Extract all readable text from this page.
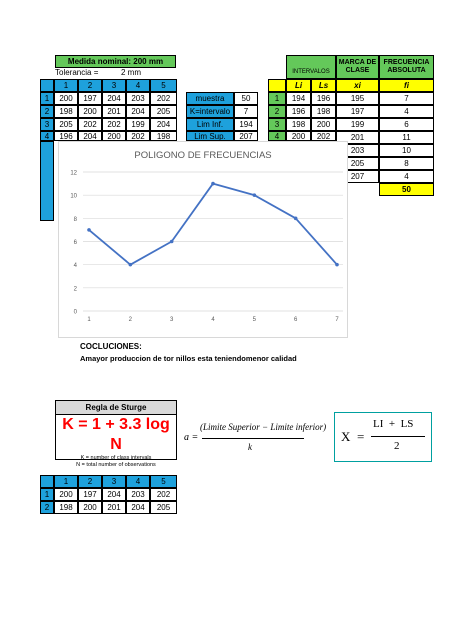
Medida nominal: 200 mm
Tolerancia =	2 mm
1	2	3	4	5
1	200	197	204	203	202
2	198	200	201	204	205
3	205	202	202	199	204
4	196	204	200	202	198
muestra	50
K=intervalo	7
Lim Inf.	194
Lim Sup.	207
INTERVALOS
MARCA DE CLASE
FRECUENCIA ABSOLUTA
Li	Ls	xi	fi
1	194	196	195	7
2	196	198	197	4
3	198	200	199	6
4	200	202	201	11
203	10
205	8
207	4
50
POLIGONO DE FRECUENCIAS
0
2
4
6
8
10
12
1	2	3	4	5	6	7
COCLUCIONES:
Amayor produccion de tor nillos esta teniendomenor calidad
Regla de Sturge
K = 1 + 3.3 log N
K = number of class intervals
N = total number of observations
a =
(Limite Superior − Limite inferior)
k
X =
LI  +  LS
2
1	2	3	4	5
1	200	197	204	203	202
2	198	200	201	204	205
